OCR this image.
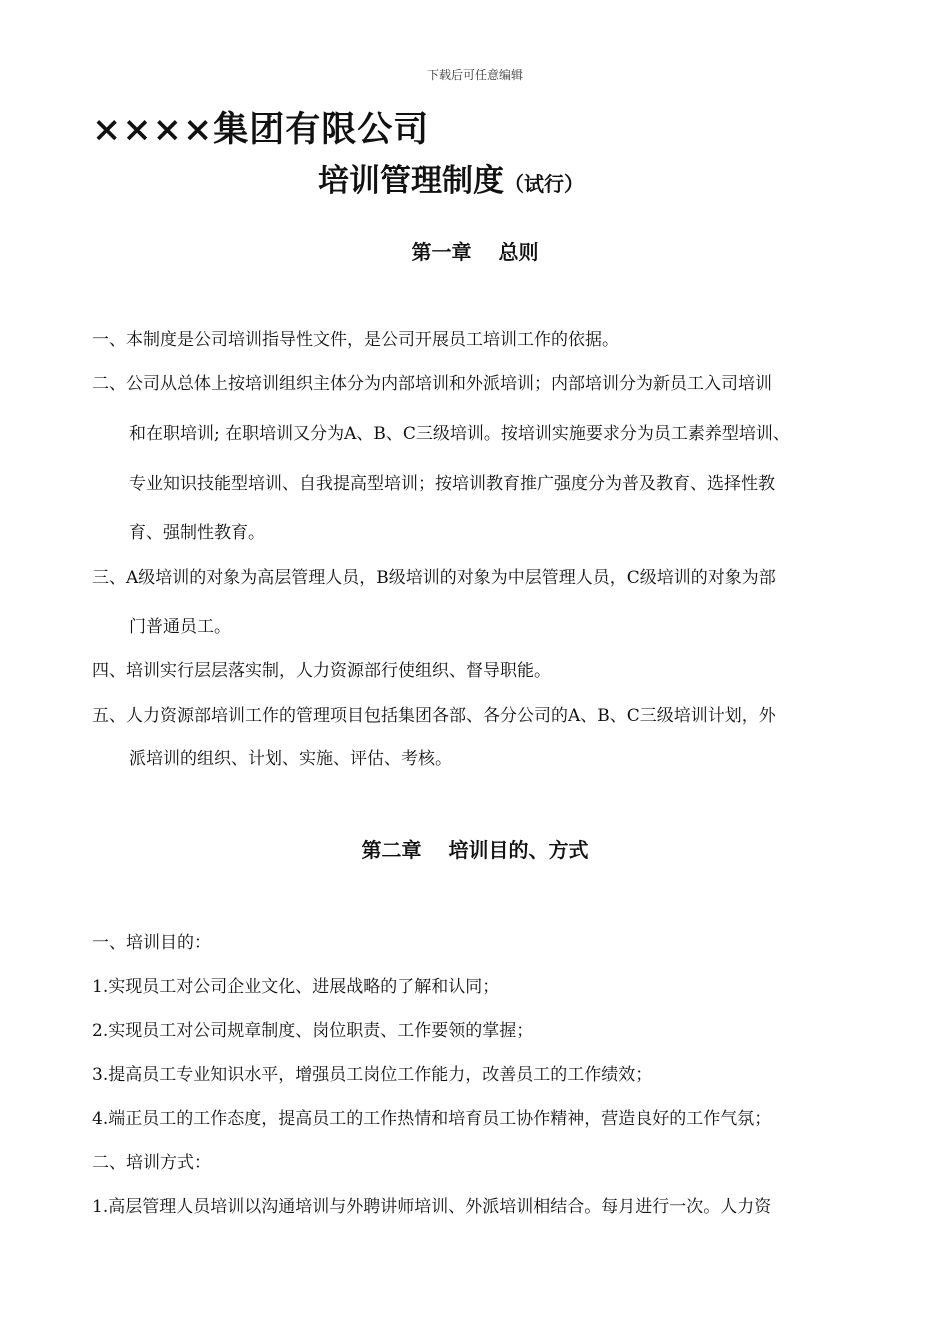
下载后可任意编辑
××××集团有限公司
培训管理制度（试行）
第一章　 总则
一、本制度是公司培训指导性文件，是公司开展员工培训工作的依据。
二、公司从总体上按培训组织主体分为内部培训和外派培训；内部培训分为新员工入司培训
和在职培训; 在职培训又分为A、B、C三级培训。按培训实施要求分为员工素养型培训、
专业知识技能型培训、自我提高型培训；按培训教育推广强度分为普及教育、选择性教
育、强制性教育。
三、A级培训的对象为高层管理人员，B级培训的对象为中层管理人员，C级培训的对象为部
门普通员工。
四、培训实行层层落实制，人力资源部行使组织、督导职能。
五、人力资源部培训工作的管理项目包括集团各部、各分公司的A、B、C三级培训计划，外
派培训的组织、计划、实施、评估、考核。
第二章　 培训目的、方式
一、培训目的：
1.实现员工对公司企业文化、进展战略的了解和认同；
2.实现员工对公司规章制度、岗位职责、工作要领的掌握；
3.提高员工专业知识水平，增强员工岗位工作能力，改善员工的工作绩效；
4.端正员工的工作态度，提高员工的工作热情和培育员工协作精神，营造良好的工作气氛；
二、培训方式：
1.高层管理人员培训以沟通培训与外聘讲师培训、外派培训相结合。每月进行一次。人力资
